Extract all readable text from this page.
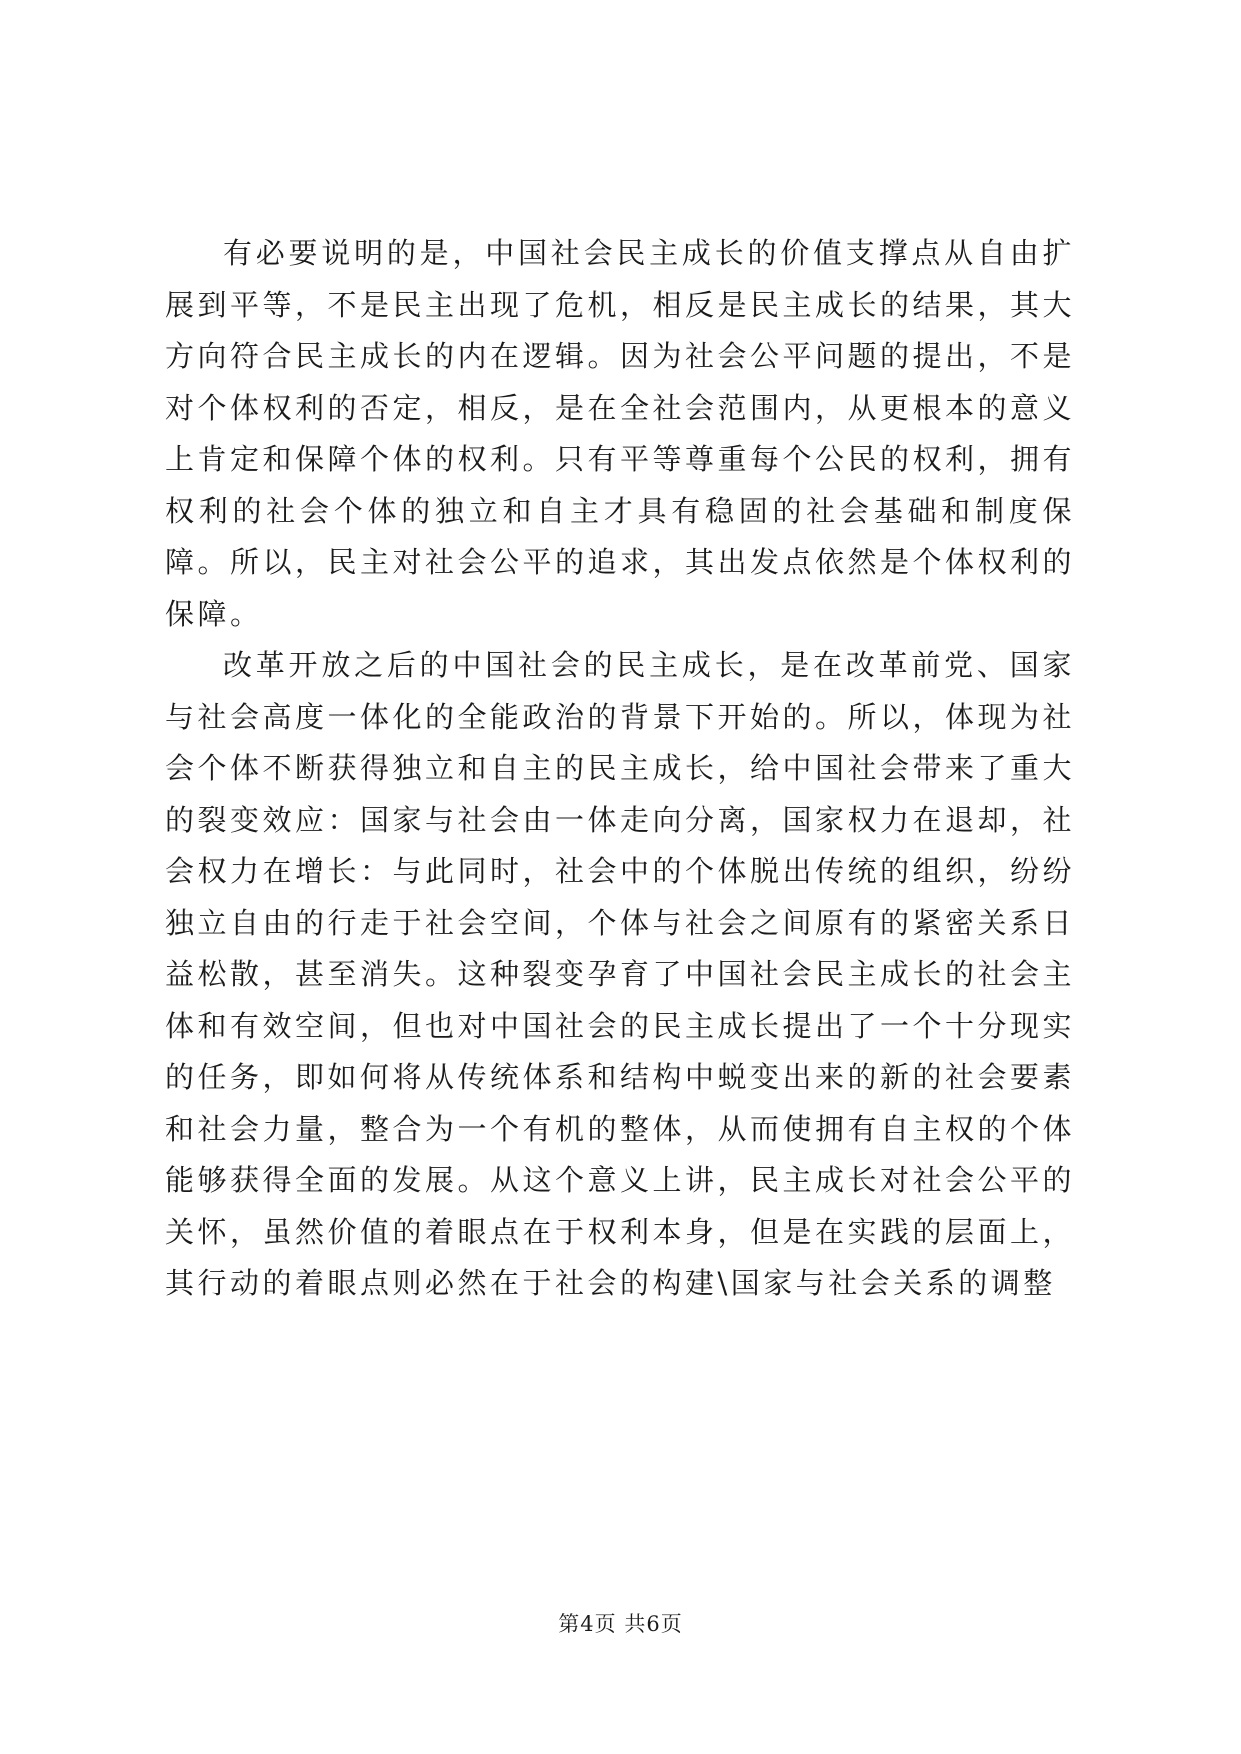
有必要说明的是，中国社会民主成长的价值支撑点从自由扩展到平等，不是民主出现了危机，相反是民主成长的结果，其大方向符合民主成长的内在逻辑。因为社会公平问题的提出，不是对个体权利的否定，相反，是在全社会范围内，从更根本的意义上肯定和保障个体的权利。只有平等尊重每个公民的权利，拥有权利的社会个体的独立和自主才具有稳固的社会基础和制度保障。所以，民主对社会公平的追求，其出发点依然是个体权利的保障。

改革开放之后的中国社会的民主成长，是在改革前党、国家与社会高度一体化的全能政治的背景下开始的。所以，体现为社会个体不断获得独立和自主的民主成长，给中国社会带来了重大的裂变效应：国家与社会由一体走向分离，国家权力在退却，社会权力在增长：与此同时，社会中的个体脱出传统的组织，纷纷独立自由的行走于社会空间，个体与社会之间原有的紧密关系日益松散，甚至消失。这种裂变孕育了中国社会民主成长的社会主体和有效空间，但也对中国社会的民主成长提出了一个十分现实的任务，即如何将从传统体系和结构中蜕变出来的新的社会要素和社会力量，整合为一个有机的整体，从而使拥有自主权的个体能够获得全面的发展。从这个意义上讲，民主成长对社会公平的关怀，虽然价值的着眼点在于权利本身，但是在实践的层面上，其行动的着眼点则必然在于社会的构建\国家与社会关系的调整

第4页 共6页
